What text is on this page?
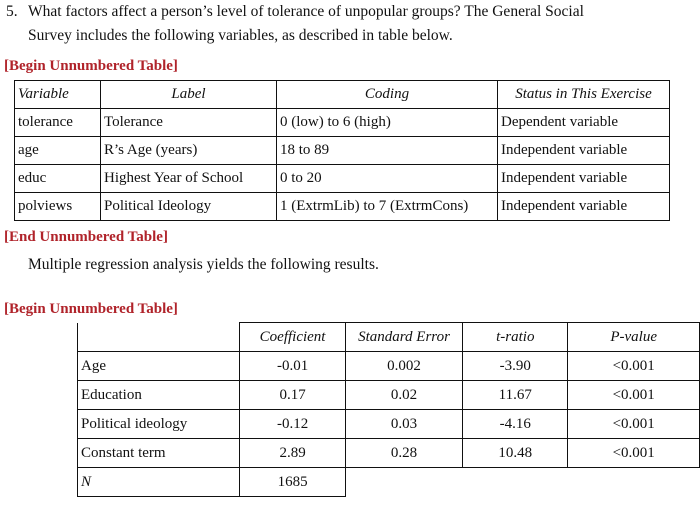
5. What factors affect a person’s level of tolerance of unpopular groups? The General Social
Survey includes the following variables, as described in table below.
[Begin Unnumbered Table]
Variable	Label	Coding	Status in This Exercise
tolerance	Tolerance	0 (low) to 6 (high)	Dependent variable
age	R’s Age (years)	18 to 89	Independent variable
educ	Highest Year of School	0 to 20	Independent variable
polviews	Political Ideology	1 (ExtrmLib) to 7 (ExtrmCons)	Independent variable
[End Unnumbered Table]
Multiple regression analysis yields the following results.
[Begin Unnumbered Table]
	Coefficient	Standard Error	t-ratio	P-value
Age	-0.01	0.002	-3.90	<0.001
Education	0.17	0.02	11.67	<0.001
Political ideology	-0.12	0.03	-4.16	<0.001
Constant term	2.89	0.28	10.48	<0.001
N	1685			
